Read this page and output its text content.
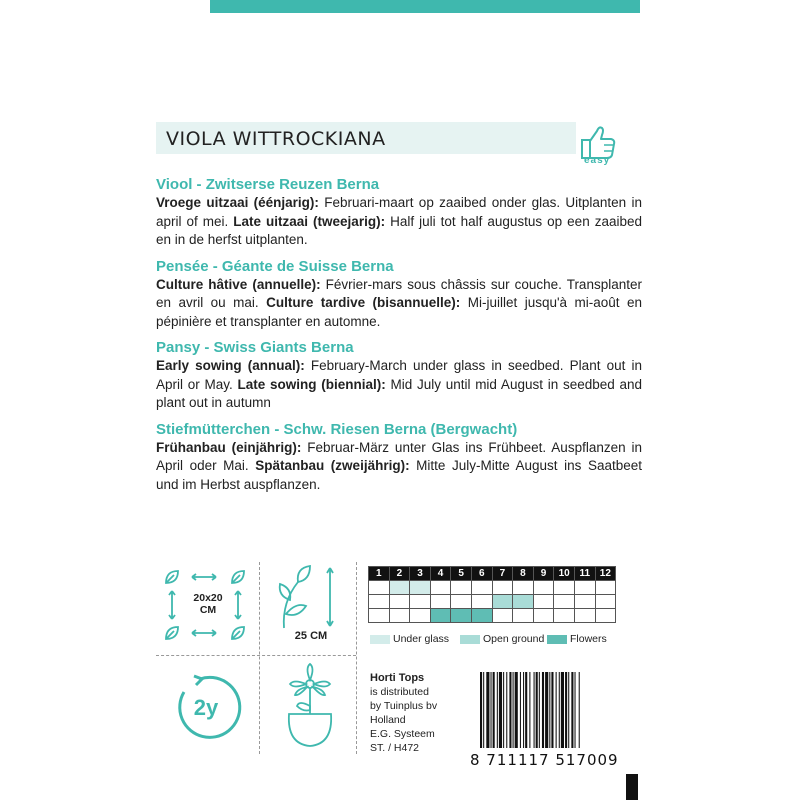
VIOLA WITTROCKIANA
easy
Viool - Zwitserse Reuzen Berna

Vroege uitzaai (éénjarig): Februari-maart op zaaibed onder glas. Uitplanten in april of mei. Late uitzaai (tweejarig): Half juli tot half augustus op een zaaibed en in de herfst uitplanten.

Pensée - Géante de Suisse Berna

Culture hâtive (annuelle): Février-mars sous châssis sur couche. Transplanter en avril ou mai. Culture tardive (bisannuelle): Mi-juillet jusqu'à mi-août en pépinière et transplanter en automne.

Pansy - Swiss Giants Berna

Early sowing (annual): February-March under glass in seedbed. Plant out in April or May. Late sowing (biennial): Mid July until mid August in seedbed and plant out in autumn

Stiefmütterchen - Schw. Riesen Berna (Bergwacht)

Frühanbau (einjährig): Februar-März unter Glas ins Frühbeet. Auspflanzen in April oder Mai. Spätanbau (zweijährig): Mitte July-Mitte August ins Saatbeet und im Herbst auspflanzen.

20x20
CM
25 CM
2y
1	2	3	4	5	6	7	8	9	10	11	12

Under glass	Open ground	Flowers
Horti Tops
is distributed
by Tuinplus bv
Holland
E.G. Systeem
ST. / H472
8 711117 517009
